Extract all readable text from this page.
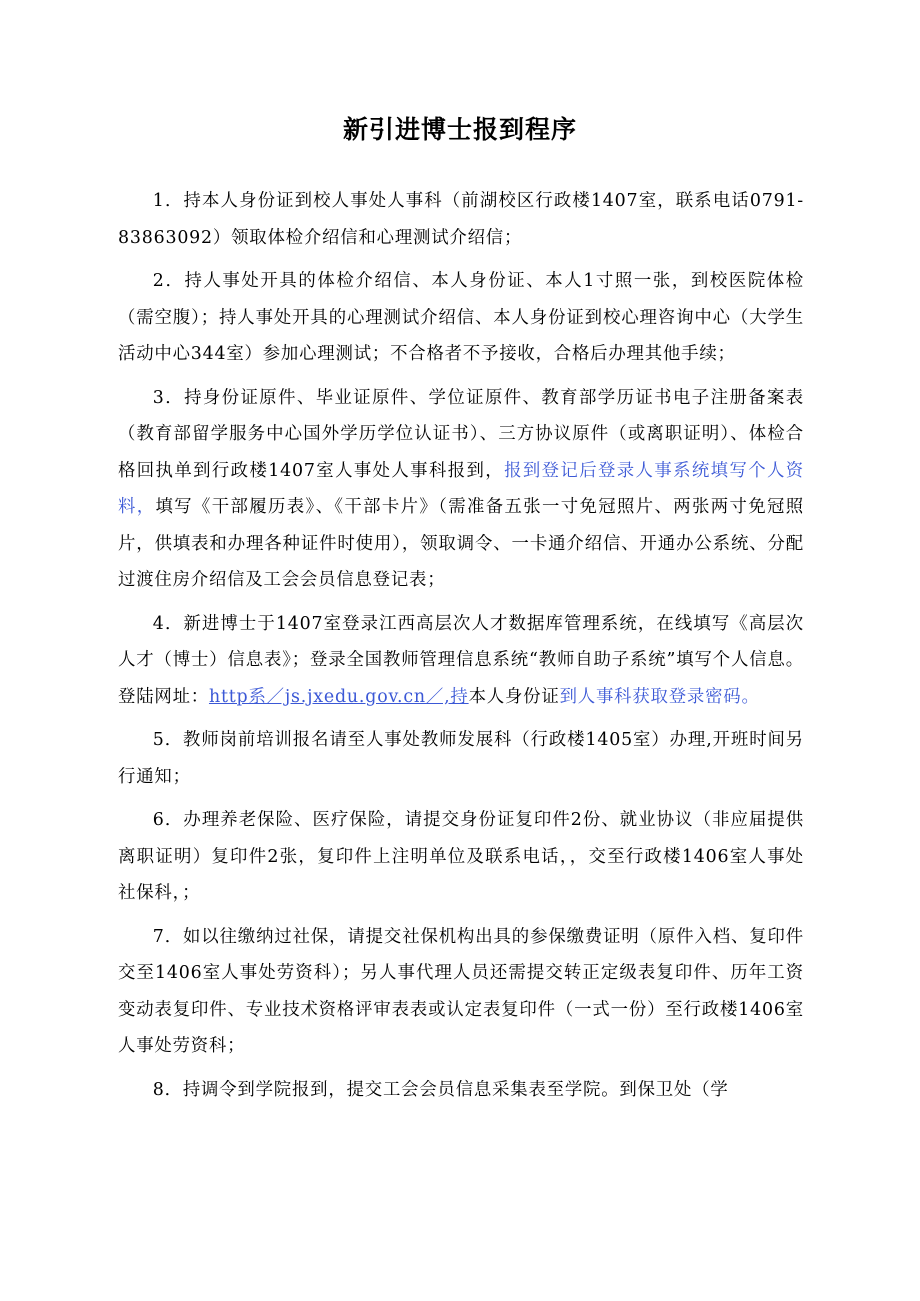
新引进博士报到程序

1．持本人身份证到校人事处人事科（前湖校区行政楼1407室，联系电话0791-83863092）领取体检介绍信和心理测试介绍信；

2．持人事处开具的体检介绍信、本人身份证、本人1寸照一张，到校医院体检（需空腹）；持人事处开具的心理测试介绍信、本人身份证到校心理咨询中心（大学生活动中心344室）参加心理测试；不合格者不予接收，合格后办理其他手续；

3．持身份证原件、毕业证原件、学位证原件、教育部学历证书电子注册备案表（教育部留学服务中心国外学历学位认证书）、三方协议原件（或离职证明）、体检合格回执单到行政楼1407室人事处人事科报到，报到登记后登录人事系统填写个人资料，填写《干部履历表》、《干部卡片》（需准备五张一寸免冠照片、两张两寸免冠照片，供填表和办理各种证件时使用），领取调令、一卡通介绍信、开通办公系统、分配过渡住房介绍信及工会会员信息登记表；

4．新进博士于1407室登录江西高层次人才数据库管理系统，在线填写《高层次人才（博士）信息表》；登录全国教师管理信息系统“教师自助子系统”填写个人信息。登陆网址：http系／js.jxedu.gov.cn／,持本人身份证到人事科获取登录密码。

5．教师岗前培训报名请至人事处教师发展科（行政楼1405室）办理,开班时间另行通知；

6．办理养老保险、医疗保险，请提交身份证复印件2份、就业协议（非应届提供离职证明）复印件2张，复印件上注明单位及联系电话，，交至行政楼1406室人事处社保科，；

7．如以往缴纳过社保，请提交社保机构出具的参保缴费证明（原件入档、复印件交至1406室人事处劳资科）；另人事代理人员还需提交转正定级表复印件、历年工资变动表复印件、专业技术资格评审表表或认定表复印件（一式一份）至行政楼1406室人事处劳资科；

8．持调令到学院报到，提交工会会员信息采集表至学院。到保卫处（学
